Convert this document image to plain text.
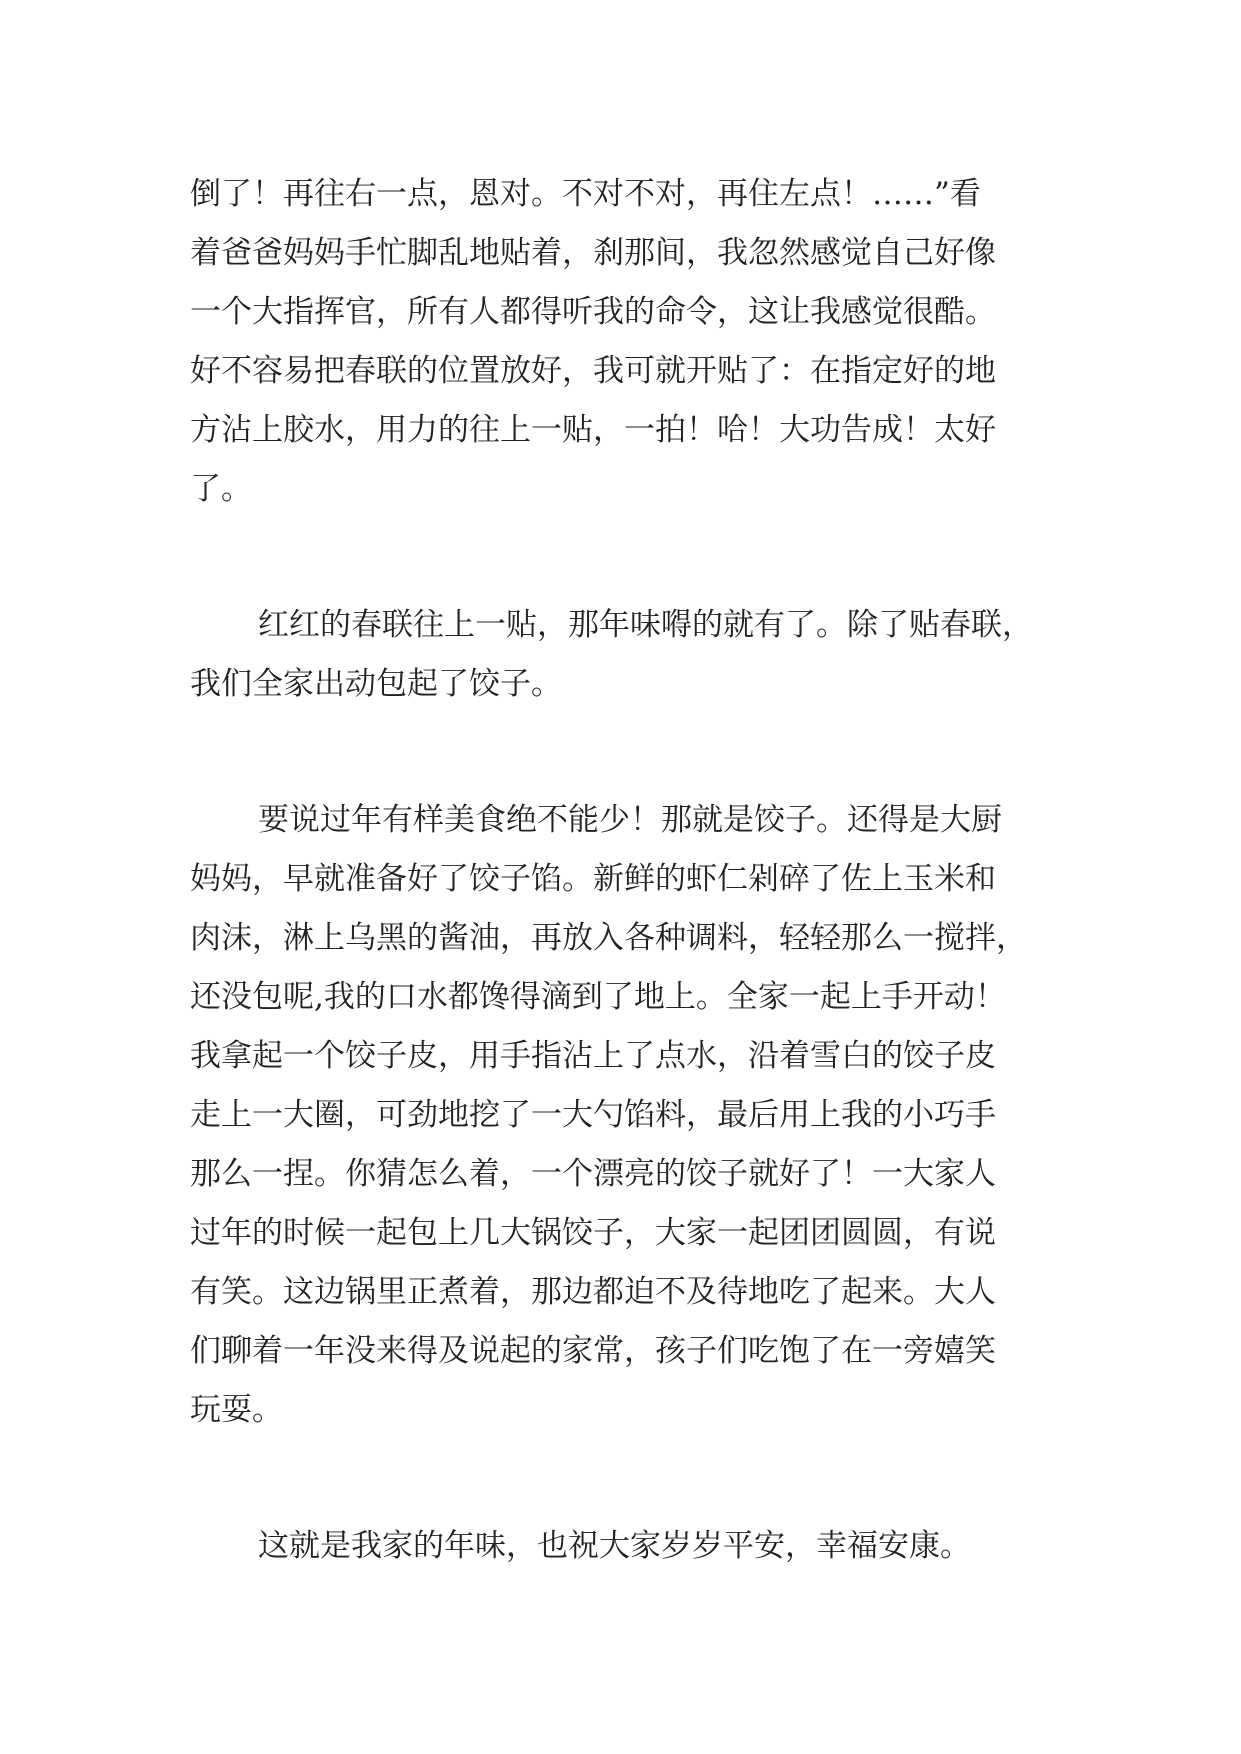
倒了！再往右一点，恩对。不对不对，再住左点！……”看

着爸爸妈妈手忙脚乱地贴着，刹那间，我忽然感觉自己好像

一个大指挥官，所有人都得听我的命令，这让我感觉很酷。

好不容易把春联的位置放好，我可就开贴了：在指定好的地

方沾上胶水，用力的往上一贴，一拍！哈！大功告成！太好

了。

红红的春联往上一贴，那年味嘚的就有了。除了贴春联，

我们全家出动包起了饺子。

要说过年有样美食绝不能少！那就是饺子。还得是大厨

妈妈，早就准备好了饺子馅。新鲜的虾仁剁碎了佐上玉米和

肉沫，淋上乌黑的酱油，再放入各种调料，轻轻那么一搅拌，

还没包呢,我的口水都馋得滴到了地上。全家一起上手开动！

我拿起一个饺子皮，用手指沾上了点水，沿着雪白的饺子皮

走上一大圈，可劲地挖了一大勺馅料，最后用上我的小巧手

那么一捏。你猜怎么着，一个漂亮的饺子就好了！一大家人

过年的时候一起包上几大锅饺子，大家一起团团圆圆，有说

有笑。这边锅里正煮着，那边都迫不及待地吃了起来。大人

们聊着一年没来得及说起的家常，孩子们吃饱了在一旁嬉笑

玩耍。

这就是我家的年味，也祝大家岁岁平安，幸福安康。
